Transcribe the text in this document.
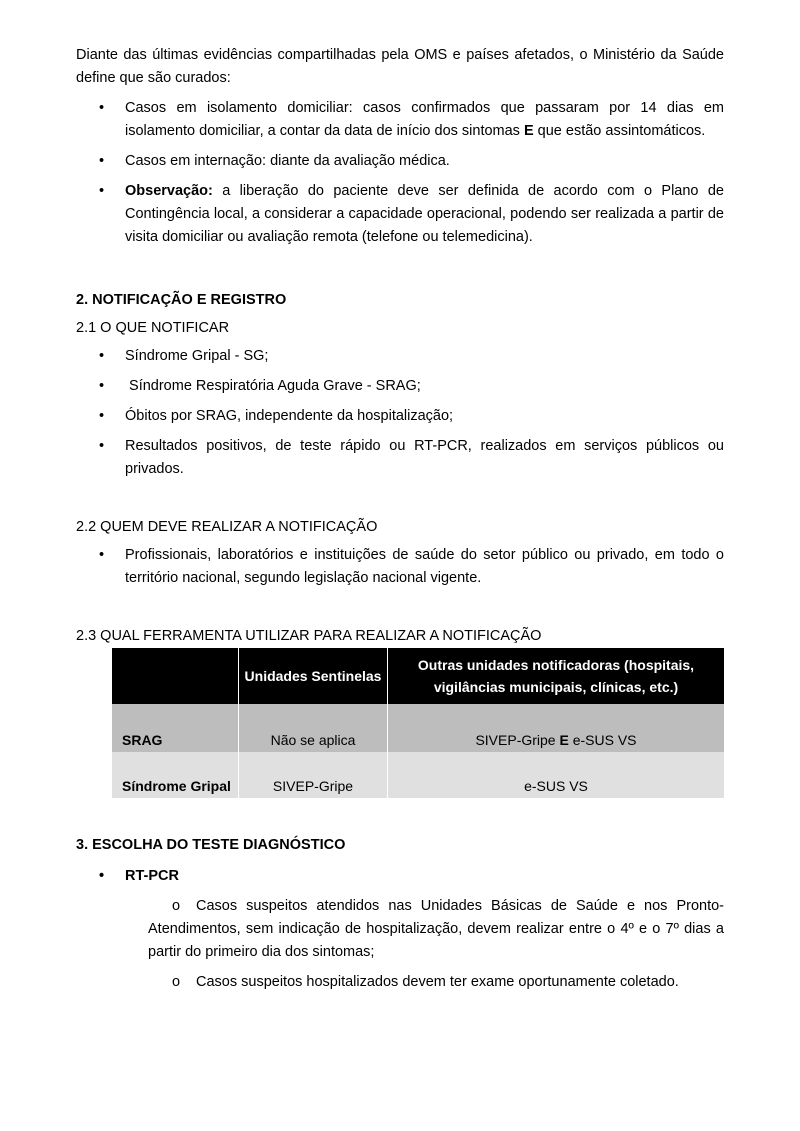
Diante das últimas evidências compartilhadas pela OMS e países afetados, o Ministério da Saúde define que são curados:

• Casos em isolamento domiciliar: casos confirmados que passaram por 14 dias em isolamento domiciliar, a contar da data de início dos sintomas E que estão assintomáticos.
• Casos em internação: diante da avaliação médica.
• Observação: a liberação do paciente deve ser definida de acordo com o Plano de Contingência local, a considerar a capacidade operacional, podendo ser realizada a partir de visita domiciliar ou avaliação remota (telefone ou telemedicina).

2. NOTIFICAÇÃO E REGISTRO

2.1 O QUE NOTIFICAR

• Síndrome Gripal - SG;
•  Síndrome Respiratória Aguda Grave - SRAG;
• Óbitos por SRAG, independente da hospitalização;
• Resultados positivos, de teste rápido ou RT-PCR, realizados em serviços públicos ou privados.

2.2 QUEM DEVE REALIZAR A NOTIFICAÇÃO

• Profissionais, laboratórios e instituições de saúde do setor público ou privado, em todo o território nacional, segundo legislação nacional vigente.

2.3 QUAL FERRAMENTA UTILIZAR PARA REALIZAR A NOTIFICAÇÃO

	Unidades Sentinelas	Outras unidades notificadoras (hospitais, vigilâncias municipais, clínicas, etc.)
SRAG	Não se aplica	SIVEP-Gripe E e-SUS VS
Síndrome Gripal	SIVEP-Gripe	e-SUS VS

3. ESCOLHA DO TESTE DIAGNÓSTICO

• RT-PCR
o Casos suspeitos atendidos nas Unidades Básicas de Saúde e nos Pronto-Atendimentos, sem indicação de hospitalização, devem realizar entre o 4º e o 7º dias a partir do primeiro dia dos sintomas;
o Casos suspeitos hospitalizados devem ter exame oportunamente coletado.
